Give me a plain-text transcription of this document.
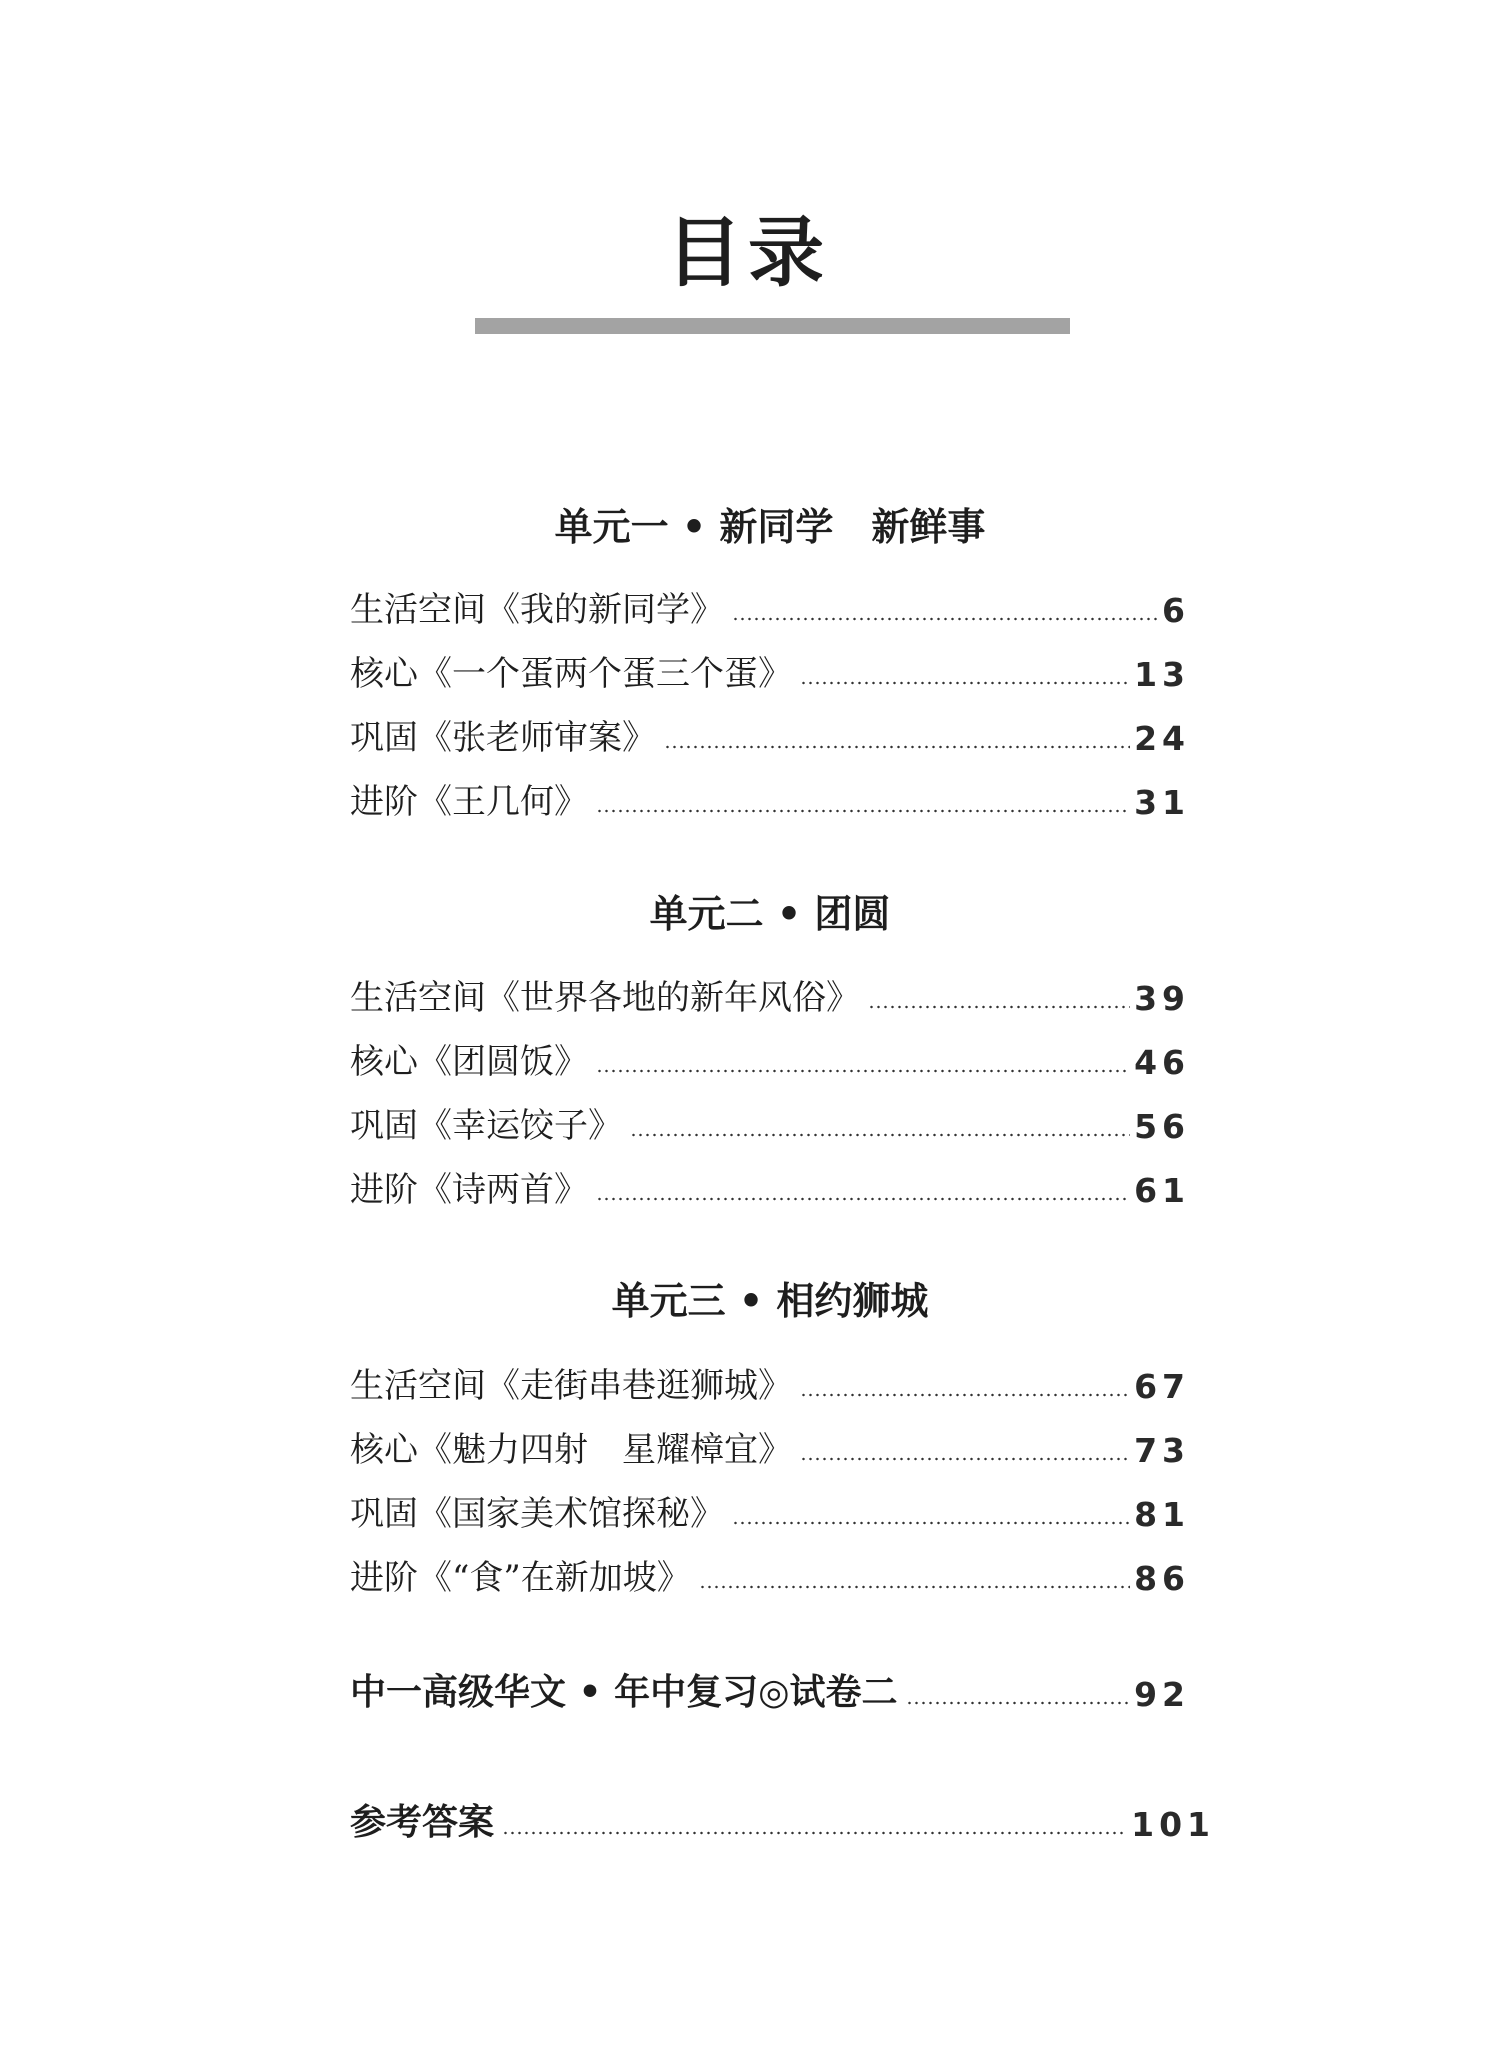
目录
单元一 • 新同学　新鲜事
生活空间《我的新同学》	6
核心《一个蛋两个蛋三个蛋》	13
巩固《张老师审案》	24
进阶《王几何》	31
单元二 • 团圆
生活空间《世界各地的新年风俗》	39
核心《团圆饭》	46
巩固《幸运饺子》	56
进阶《诗两首》	61
单元三 • 相约狮城
生活空间《走街串巷逛狮城》	67
核心《魅力四射　星耀樟宜》	73
巩固《国家美术馆探秘》	81
进阶《“食”在新加坡》	86
中一高级华文 • 年中复习◎试卷二	92
参考答案	101
